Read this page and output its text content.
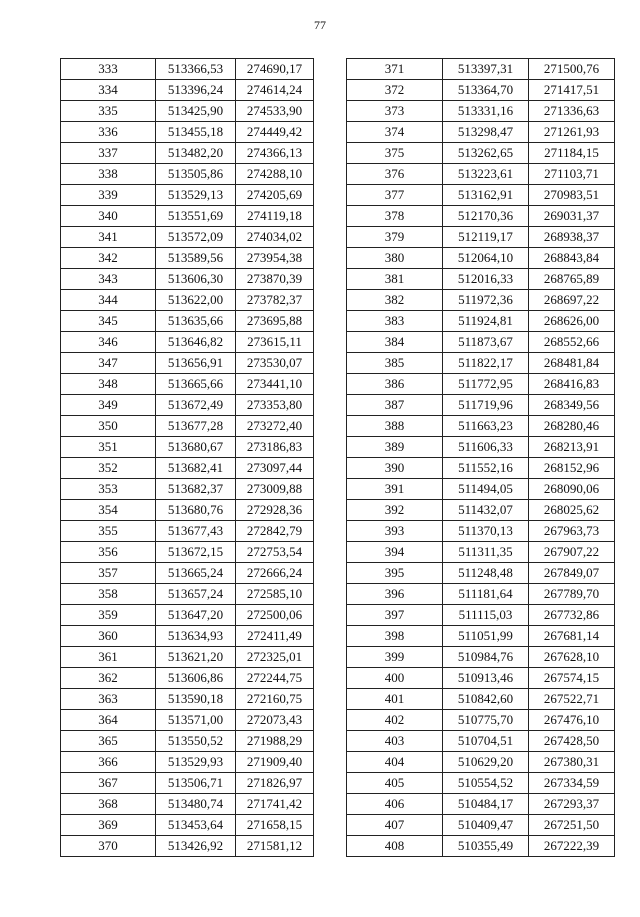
77
333	513366,53	274690,17
334	513396,24	274614,24
335	513425,90	274533,90
336	513455,18	274449,42
337	513482,20	274366,13
338	513505,86	274288,10
339	513529,13	274205,69
340	513551,69	274119,18
341	513572,09	274034,02
342	513589,56	273954,38
343	513606,30	273870,39
344	513622,00	273782,37
345	513635,66	273695,88
346	513646,82	273615,11
347	513656,91	273530,07
348	513665,66	273441,10
349	513672,49	273353,80
350	513677,28	273272,40
351	513680,67	273186,83
352	513682,41	273097,44
353	513682,37	273009,88
354	513680,76	272928,36
355	513677,43	272842,79
356	513672,15	272753,54
357	513665,24	272666,24
358	513657,24	272585,10
359	513647,20	272500,06
360	513634,93	272411,49
361	513621,20	272325,01
362	513606,86	272244,75
363	513590,18	272160,75
364	513571,00	272073,43
365	513550,52	271988,29
366	513529,93	271909,40
367	513506,71	271826,97
368	513480,74	271741,42
369	513453,64	271658,15
370	513426,92	271581,12
371	513397,31	271500,76
372	513364,70	271417,51
373	513331,16	271336,63
374	513298,47	271261,93
375	513262,65	271184,15
376	513223,61	271103,71
377	513162,91	270983,51
378	512170,36	269031,37
379	512119,17	268938,37
380	512064,10	268843,84
381	512016,33	268765,89
382	511972,36	268697,22
383	511924,81	268626,00
384	511873,67	268552,66
385	511822,17	268481,84
386	511772,95	268416,83
387	511719,96	268349,56
388	511663,23	268280,46
389	511606,33	268213,91
390	511552,16	268152,96
391	511494,05	268090,06
392	511432,07	268025,62
393	511370,13	267963,73
394	511311,35	267907,22
395	511248,48	267849,07
396	511181,64	267789,70
397	511115,03	267732,86
398	511051,99	267681,14
399	510984,76	267628,10
400	510913,46	267574,15
401	510842,60	267522,71
402	510775,70	267476,10
403	510704,51	267428,50
404	510629,20	267380,31
405	510554,52	267334,59
406	510484,17	267293,37
407	510409,47	267251,50
408	510355,49	267222,39
